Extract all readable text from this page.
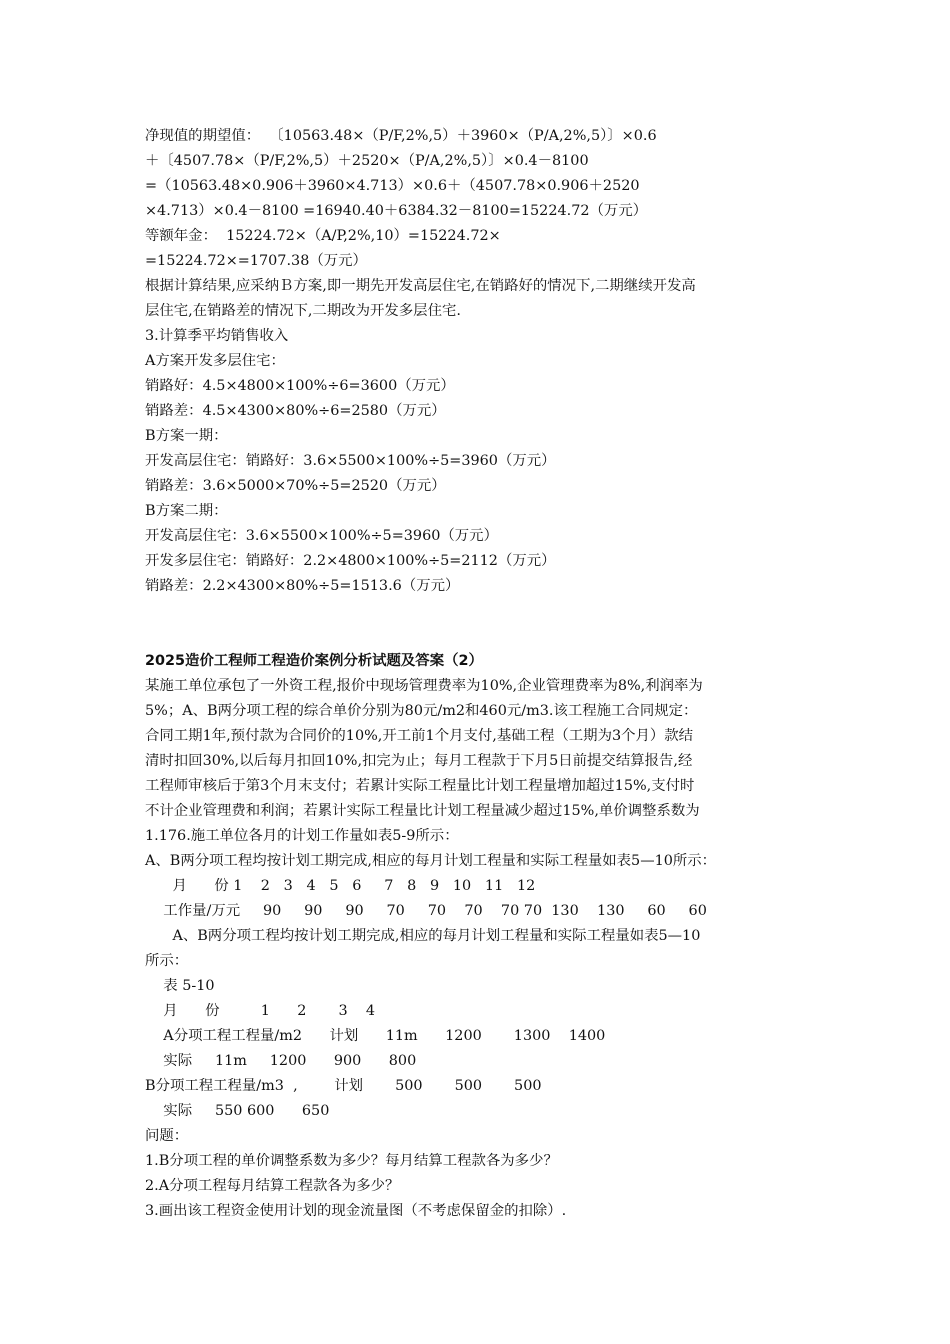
净现值的期望值：  〔10563.48×（P/F,2%,5）＋3960×（P/A,2%,5）〕×0.6
＋〔4507.78×（P/F,2%,5）＋2520×（P/A,2%,5）〕×0.4－8100
=（10563.48×0.906＋3960×4.713）×0.6＋（4507.78×0.906＋2520
×4.713）×0.4－8100 =16940.40＋6384.32－8100=15224.72（万元）
等额年金：  15224.72×（A/P,2%,10）=15224.72×
=15224.72×=1707.38（万元）
根据计算结果,应采纳Ｂ方案,即一期先开发高层住宅,在销路好的情况下,二期继续开发高
层住宅,在销路差的情况下,二期改为开发多层住宅.
3.计算季平均销售收入
A方案开发多层住宅：
销路好：4.5×4800×100%÷6=3600（万元）
销路差：4.5×4300×80%÷6=2580（万元）
B方案一期：
开发高层住宅：销路好：3.6×5500×100%÷5=3960（万元）
销路差：3.6×5000×70%÷5=2520（万元）
B方案二期：
开发高层住宅：3.6×5500×100%÷5=3960（万元）
开发多层住宅：销路好：2.2×4800×100%÷5=2112（万元）
销路差：2.2×4300×80%÷5=1513.6（万元）
2025造价工程师工程造价案例分析试题及答案（2）
某施工单位承包了一外资工程,报价中现场管理费率为10%,企业管理费率为8%,利润率为
5%；A、B两分项工程的综合单价分别为80元/m2和460元/m3.该工程施工合同规定：
合同工期1年,预付款为合同价的10%,开工前1个月支付,基础工程（工期为3个月）款结
清时扣回30%,以后每月扣回10%,扣完为止；每月工程款于下月5日前提交结算报告,经
工程师审核后于第3个月末支付；若累计实际工程量比计划工程量增加超过15%,支付时
不计企业管理费和利润；若累计实际工程量比计划工程量减少超过15%,单价调整系数为
1.176.施工单位各月的计划工作量如表5-9所示：
A、B两分项工程均按计划工期完成,相应的每月计划工程量和实际工程量如表5—10所示：
月      份 1    2   3   4   5   6     7   8   9   10   11   12
工作量/万元     90     90     90     70     70    70    70 70  130    130     60     60
A、B两分项工程均按计划工期完成,相应的每月计划工程量和实际工程量如表5—10
所示：
表 5-10
月      份         1      2       3    4
A分项工程工程量/m2      计划      11m      1200       1300    1400
实际     11m     1200      900      800
B分项工程工程量/m3  ,        计划       500       500       500
实际     550 600      650
问题：
1.B分项工程的单价调整系数为多少？每月结算工程款各为多少？
2.A分项工程每月结算工程款各为多少？
3.画出该工程资金使用计划的现金流量图（不考虑保留金的扣除）.
